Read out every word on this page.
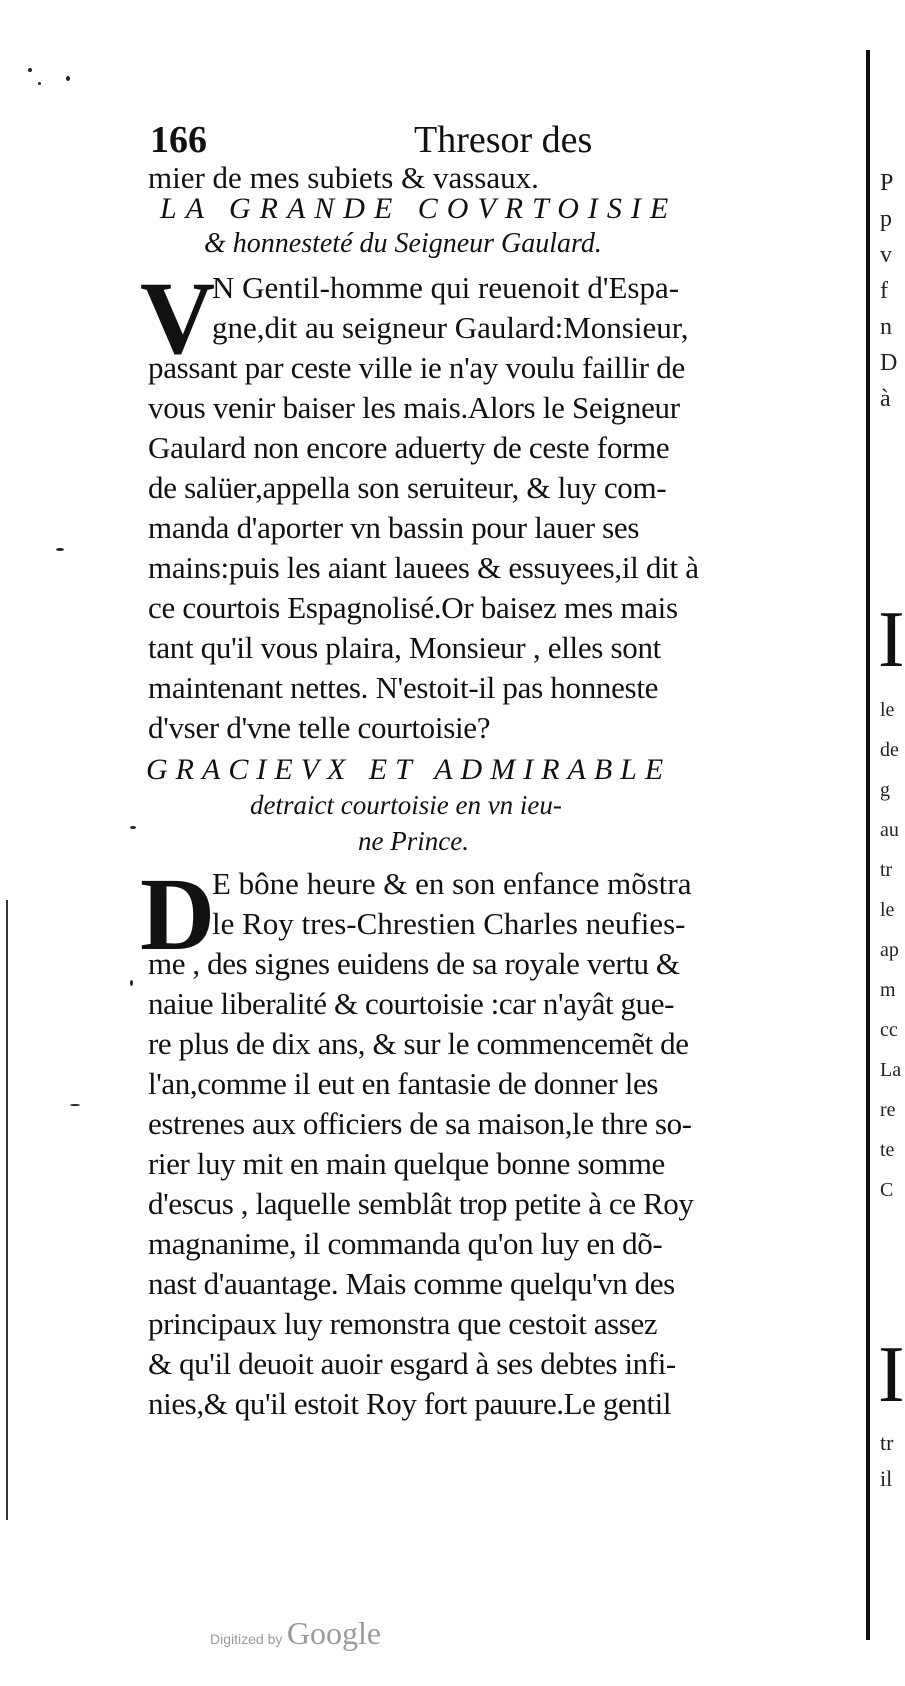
P
p
v
f
n
D
à
I
le
de
g
au
tr
le
ap
m
cc
La
re
te
C
I
tr
il
166	Thresor des
mier de mes subiets & vassaux.
LA GRANDE COVRTOISIE
& honnesteté du Seigneur Gaulard.
V
N Gentil-homme qui reuenoit d'Espa-
gne,dit au seigneur Gaulard:Monsieur,
passant par ceste ville ie n'ay voulu faillir de
vous venir baiser les mais.Alors le Seigneur
Gaulard non encore aduerty de ceste forme
de salüer,appella son seruiteur, & luy com-
manda d'aporter vn bassin pour lauer ses
mains:puis les aiant lauees & essuyees,il dit à
ce courtois Espagnolisé.Or baisez mes mais
tant qu'il vous plaira, Monsieur , elles sont
maintenant nettes. N'estoit-il pas honneste
d'vser d'vne telle courtoisie?
GRACIEVX ET ADMIRABLE
detraict courtoisie en vn ieu-
ne Prince.
D
E bône heure & en son enfance mõstra
le Roy tres-Chrestien Charles neufies-
me , des signes euidens de sa royale vertu &
naiue liberalité & courtoisie :car n'ayât gue-
re plus de dix ans, & sur le commencemẽt de
l'an,comme il eut en fantasie de donner les
estrenes aux officiers de sa maison,le thre so-
rier luy mit en main quelque bonne somme
d'escus , laquelle semblât trop petite à ce Roy
magnanime, il commanda qu'on luy en dõ-
nast d'auantage. Mais comme quelqu'vn des
principaux luy remonstra que cestoit assez
& qu'il deuoit auoir esgard à ses debtes infi-
nies,& qu'il estoit Roy fort pauure.Le gentil
Digitized by Google
